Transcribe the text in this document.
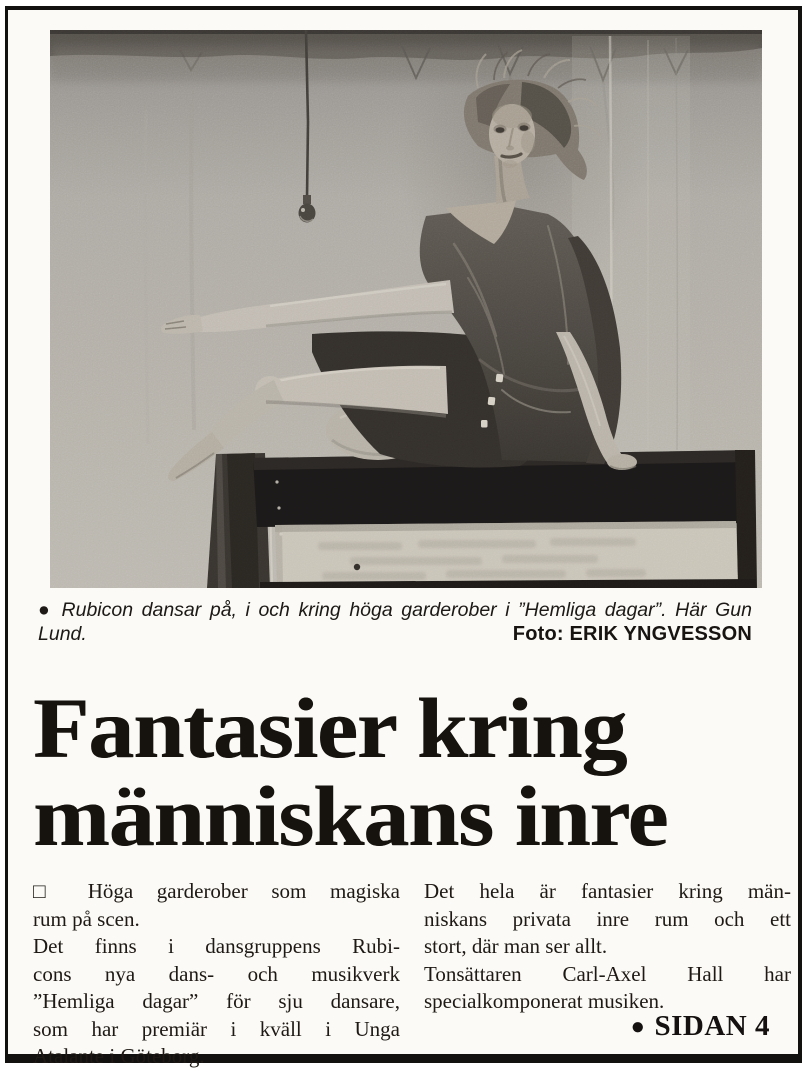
● Rubicon dansar på, i och kring höga garderober i ”Hemliga dagar”. Här Gun
Lund.	Foto: ERIK YNGVESSON
Fantasier kring
människans inre
□ Höga garderober som magiska
rum på scen.
Det finns i dansgruppens Rubi-
cons nya dans- och musikverk
”Hemliga dagar” för sju dansare,
som har premiär i kväll i Unga
Atalante i Göteborg.
Det hela är fantasier kring män-
niskans privata inre rum och ett
stort, där man ser allt.
Tonsättaren Carl-Axel Hall har
specialkomponerat musiken.
● SIDAN 4
